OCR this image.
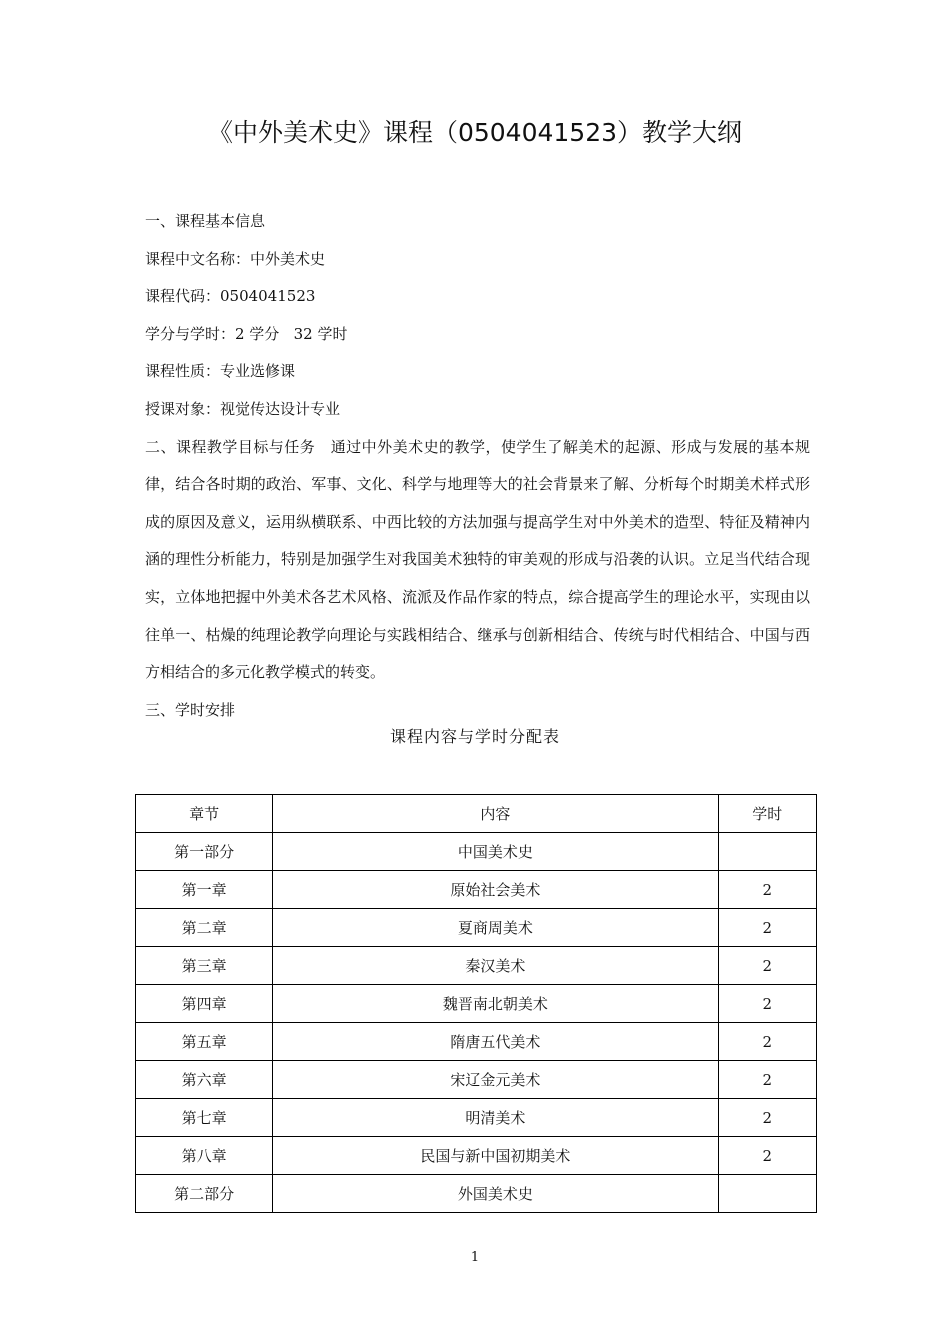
《中外美术史》课程（0504041523）教学大纲

一、课程基本信息

课程中文名称：中外美术史

课程代码：0504041523

学分与学时：2 学分   32 学时

课程性质：专业选修课

授课对象：视觉传达设计专业

二、课程教学目标与任务　通过中外美术史的教学，使学生了解美术的起源、形成与发展的基本规律，结合各时期的政治、军事、文化、科学与地理等大的社会背景来了解、分析每个时期美术样式形成的原因及意义，运用纵横联系、中西比较的方法加强与提高学生对中外美术的造型、特征及精神内涵的理性分析能力，特别是加强学生对我国美术独特的审美观的形成与沿袭的认识。立足当代结合现实，立体地把握中外美术各艺术风格、流派及作品作家的特点，综合提高学生的理论水平，实现由以往单一、枯燥的纯理论教学向理论与实践相结合、继承与创新相结合、传统与时代相结合、中国与西方相结合的多元化教学模式的转变。

三、学时安排

课程内容与学时分配表
章节	内容	学时
第一部分	中国美术史	
第一章	原始社会美术	2
第二章	夏商周美术	2
第三章	秦汉美术	2
第四章	魏晋南北朝美术	2
第五章	隋唐五代美术	2
第六章	宋辽金元美术	2
第七章	明清美术	2
第八章	民国与新中国初期美术	2
第二部分	外国美术史	
1
